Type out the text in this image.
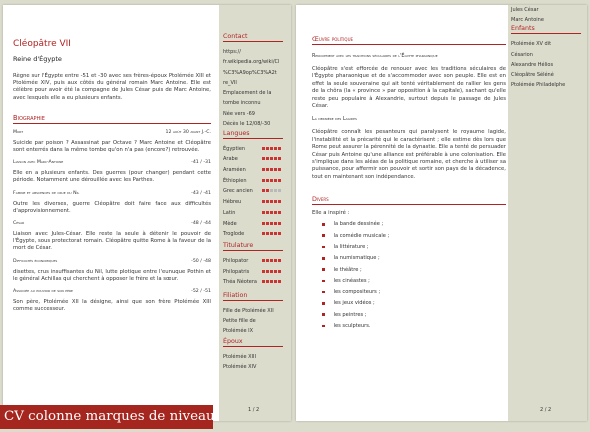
Cléopâtre VII
Reine d'Égypte
Règne sur l'Égypte entre -51 et -30 avec ses frères-époux Ptolémée XIII et Ptolémée XIV, puis aux côtés du général romain Marc Antoine. Elle est célèbre pour avoir été la compagne de Jules César puis de Marc Antoine, avec lesquels elle a eu plusieurs enfants.
Biographie
Mort	12 août 30 avant J.-C.
Suicide par poison ? Assassinat par Octave ? Marc Antoine et Cléopâtre sont enterrés dans la même tombe qu'on n'a pas (encore?) retrouvée.
Liaison avec Marc-Antoine	-41 / -31
Elle en a plusieurs enfants. Des guerres (pour changer) pendant cette période. Notamment une dérouillée avec les Parthes.
Famine et abscences de crue du Nil	-43 / -41
Outre les diverses, guerre Cléopâtre doit faire face aux difficultés d'approvisionnement.
César	-48 / -44
Liaison avec Jules-César. Elle reste la seule à détenir le pouvoir de l'Égypte, sous protectorat romain. Cléopâtre quitte Rome à la faveur de la mort de César.
Difficultés économiques	-50 / -48
disettes, crus insuffisantes du Nil, lutte plotique entre l'eunuque Pothin et le général Achillas qui cherchent à opposer le frère et la sœur.
Associée au pouvoir de son père	-52 / -51
Son père, Ptolémée XII la désigne, ainsi que son frère Ptolémée XIII comme successeur.
Contact
https://
fr.wikipedia.org/wiki/Cl
%C3%A9op%C3%A2t
re_VII
Emplacement de la
tombe inconnu
Née vers -69
Décès le 12/08/-30
Langues
Égyptien
Arabe
Araméen
Éthiopien
Grec ancien
Hébreu
Latin
Mède
Troglode
Titulature
Philopator
Philopatris
Théa Néotera
Filiation
Fille de Ptolémée XII
Petite fille de
Ptolémée IX
Époux
Ptolémée XIII
Ptolémée XIV
1 / 2
Œuvre politique
Renouement avec les traditions séculaires de l'Égypte pharaonique
Cléopâtre s'est efforcée de renouer avec les traditions séculaires de l'Égypte pharaonique et de s'accommoder avec son peuple. Elle est en effet la seule souveraine qui ait tenté véritablement de rallier les gens de la chôra (la « province » par opposition à la capitale), sachant qu'elle reste peu populaire à Alexandrie, surtout depuis le passage de Jules César.
La dernière des Lagides
Cléopâtre connaît les pesanteurs qui paralysent le royaume lagide, l'instabilité et la précarité qui le caractérisent ; elle estime dès lors que Rome peut assurer la pérennité de la dynastie. Elle a tenté de persuader César puis Antoine qu'une alliance est préférable à une colonisation. Elle s'implique dans les aléas de la politique romaine, et cherche à utiliser sa puissance, pour affermir son pouvoir et sortir son pays de la décadence, tout en maintenant son indépendance.
Divers
Elle a inspiré :
la bande dessinée ;
la comédie musicale ;
la littérature ;
la numismatique ;
le théâtre ;
les cinéastes ;
les compositeurs ;
les jeux vidéos ;
les peintres ;
les sculpteurs.
Jules César
Marc Antoine
Enfants
Ptolémée XV dit
Césarion
Alexandre Hélios
Cléopâtre Séléné
Ptolémée Philadelphe
2 / 2
CV colonne marques de niveau
